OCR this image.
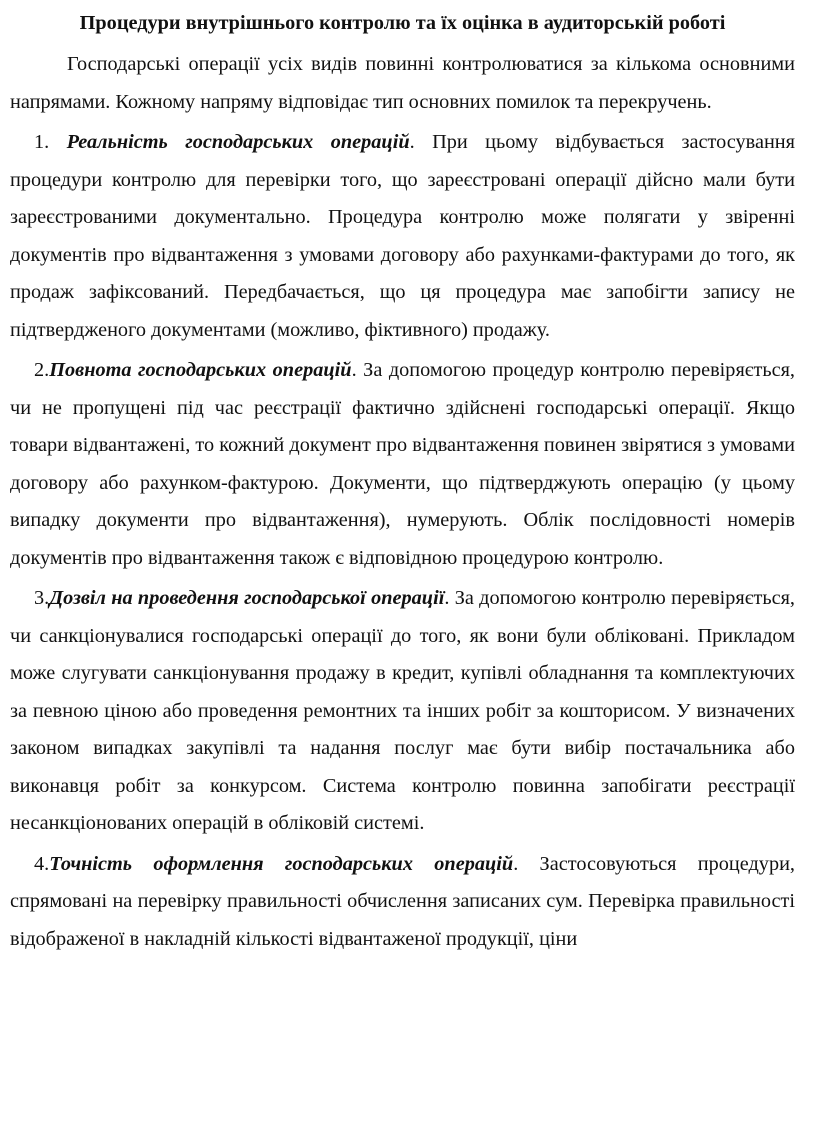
Процедури внутрішнього контролю та їх оцінка в аудиторській роботі

Господарські операції усіх видів повинні контролюватися за кількома основними напрямами. Кожному напряму відповідає тип основних помилок та перекручень.

1. Реальність господарських операцій. При цьому відбувається застосування процедури контролю для перевірки того, що зареєстровані операції дійсно мали бути зареєстрованими документально. Процедура контролю може полягати у звіренні документів про відвантаження з умовами договору або рахунками-фактурами до того, як продаж зафіксований. Передбачається, що ця процедура має запобігти запису не підтвердженого документами (можливо, фіктивного) продажу.

2.Повнота господарських операцій. За допомогою процедур контролю перевіряється, чи не пропущені під час реєстрації фактично здійснені господарські операції. Якщо товари відвантажені, то кожний документ про відвантаження повинен звірятися з умовами договору або рахунком-фактурою. Документи, що підтверджують операцію (у цьому випадку документи про відвантаження), нумерують. Облік послідовності номерів документів про відвантаження також є відповідною процедурою контролю.

3.Дозвіл на проведення господарської операції. За допомогою контролю перевіряється, чи санкціонувалися господарські операції до того, як вони були обліковані. Прикладом може слугувати санкціонування продажу в кредит, купівлі обладнання та комплектуючих за певною ціною або проведення ремонтних та інших робіт за кошторисом. У визначених законом випадках закупівлі та надання послуг має бути вибір постачальника або виконавця робіт за конкурсом. Система контролю повинна запобігати реєстрації несанкціонованих операцій в обліковій системі.

4.Точність оформлення господарських операцій. Застосовуються процедури, спрямовані на перевірку правильності обчислення записаних сум. Перевірка правильності відображеної в накладній кількості відвантаженої продукції, ціни
